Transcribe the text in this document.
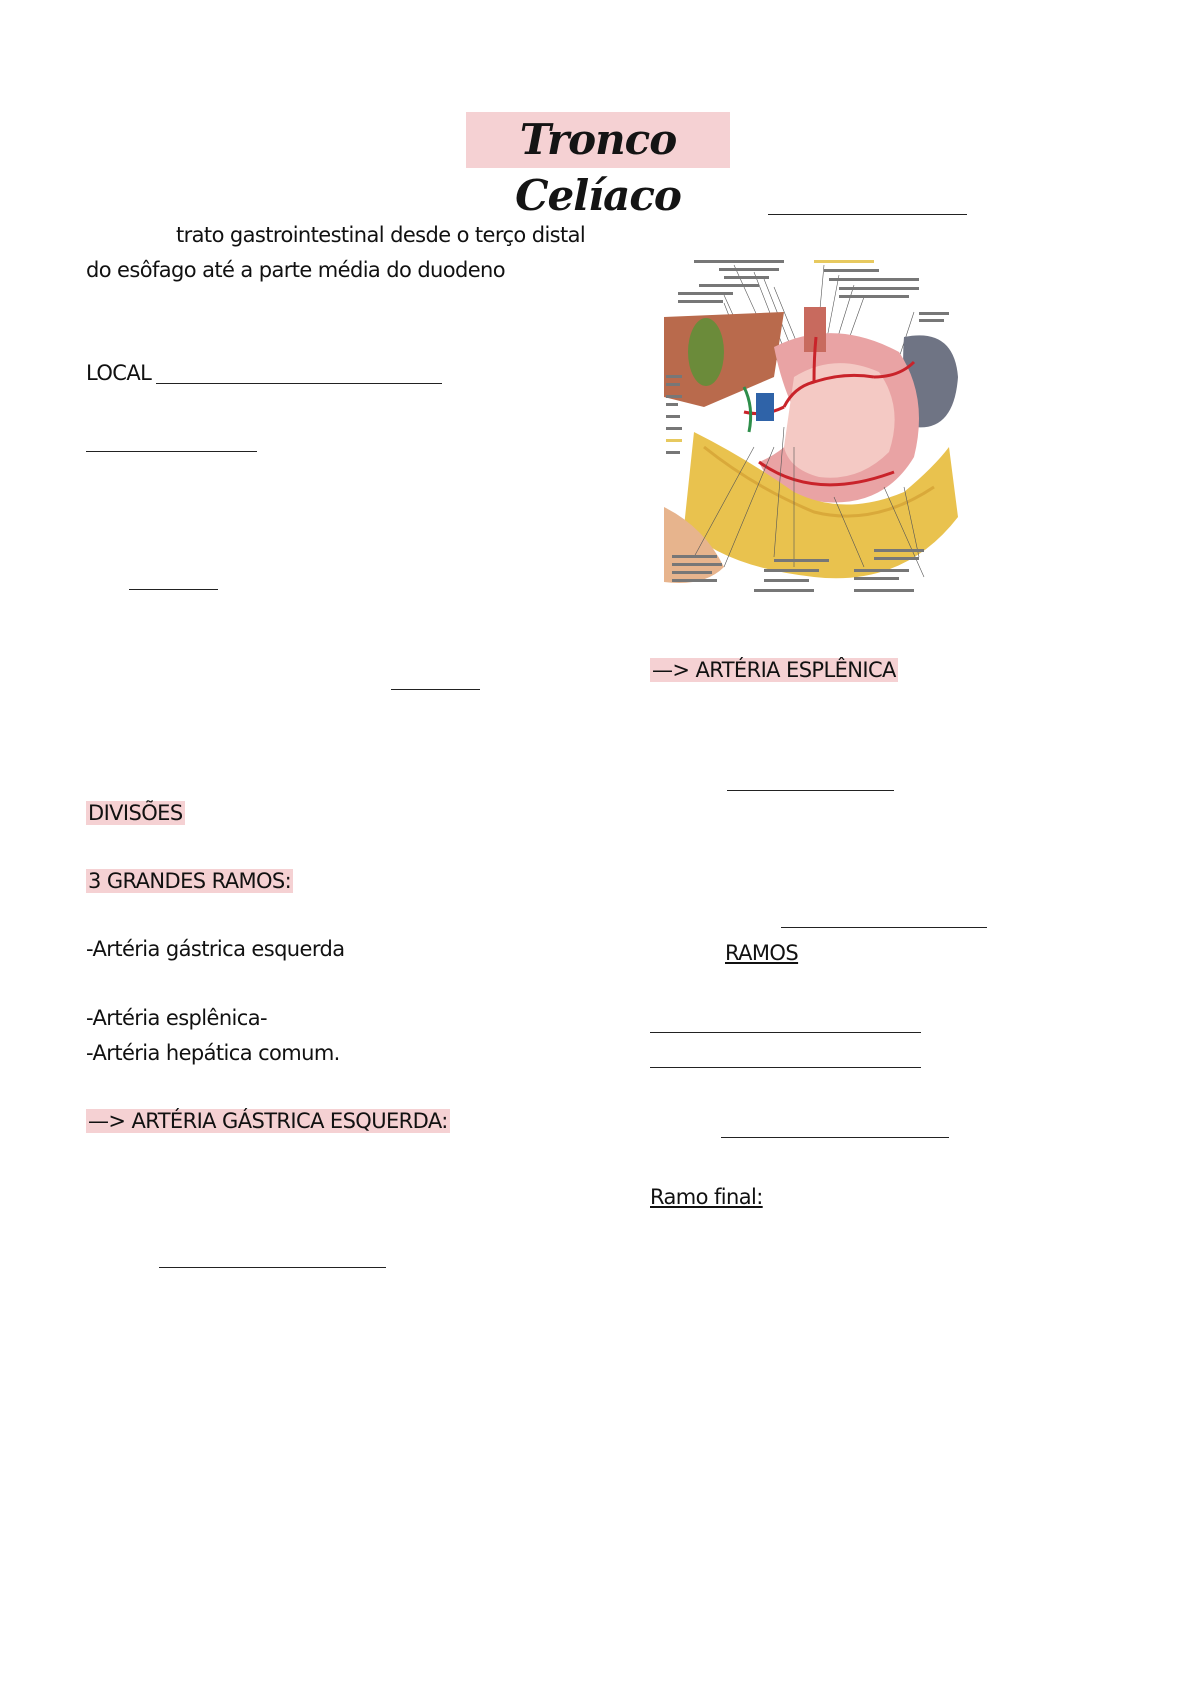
Tronco Celíaco
trato gastrointestinal desde o terço distal
do esôfago até a parte média do duodeno
LOCAL
DIVISÕES
3 GRANDES RAMOS:
-Artéria gástrica esquerda
-Artéria esplênica-
-Artéria hepática comum.
—> ARTÉRIA GÁSTRICA ESQUERDA:
—> ARTÉRIA ESPLÊNICA
RAMOS
Ramo final:
